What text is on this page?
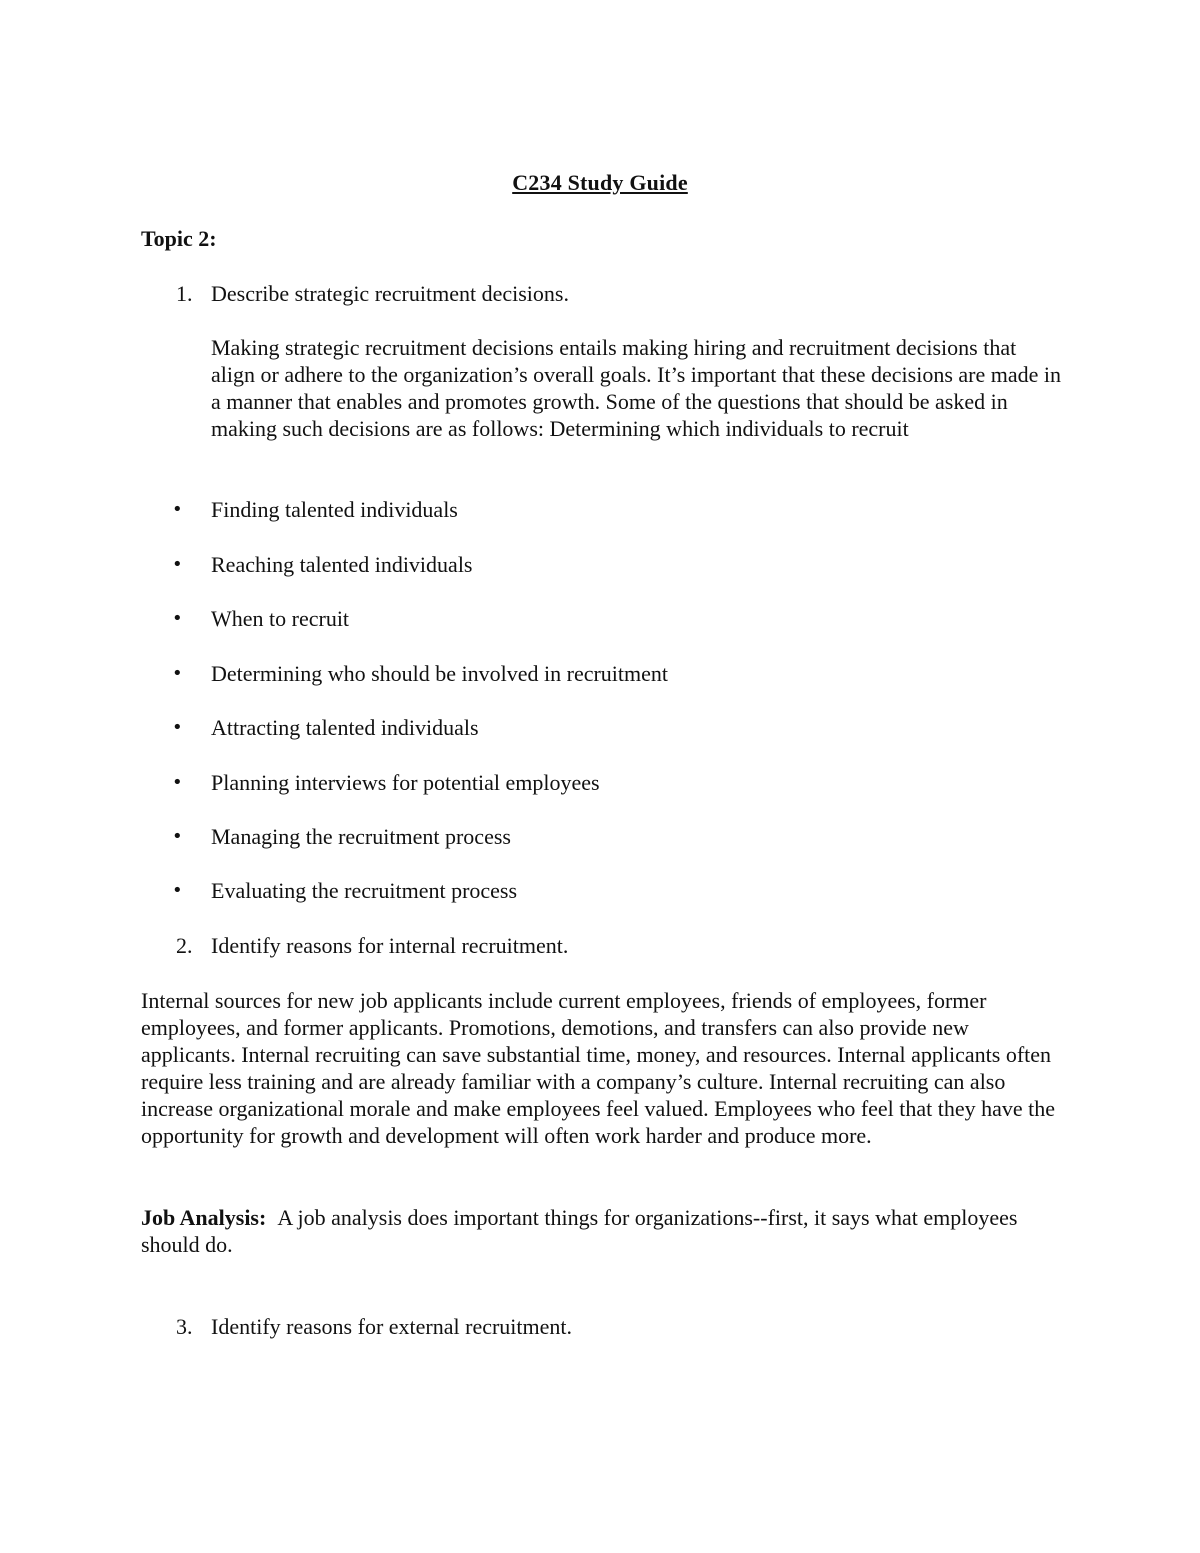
C234 Study Guide
Topic 2:
1. Describe strategic recruitment decisions.
Making strategic recruitment decisions entails making hiring and recruitment decisions that align or adhere to the organization’s overall goals. It’s important that these decisions are made in a manner that enables and promotes growth. Some of the questions that should be asked in making such decisions are as follows: Determining which individuals to recruit
•	Finding talented individuals
•	Reaching talented individuals
•	When to recruit
•	Determining who should be involved in recruitment
•	Attracting talented individuals
•	Planning interviews for potential employees
•	Managing the recruitment process
•	Evaluating the recruitment process
2. Identify reasons for internal recruitment.
Internal sources for new job applicants include current employees, friends of employees, former employees, and former applicants. Promotions, demotions, and transfers can also provide new applicants. Internal recruiting can save substantial time, money, and resources. Internal applicants often require less training and are already familiar with a company’s culture. Internal recruiting can also increase organizational morale and make employees feel valued. Employees who feel that they have the opportunity for growth and development will often work harder and produce more.
Job Analysis: A job analysis does important things for organizations--first, it says what employees should do.
3. Identify reasons for external recruitment.
